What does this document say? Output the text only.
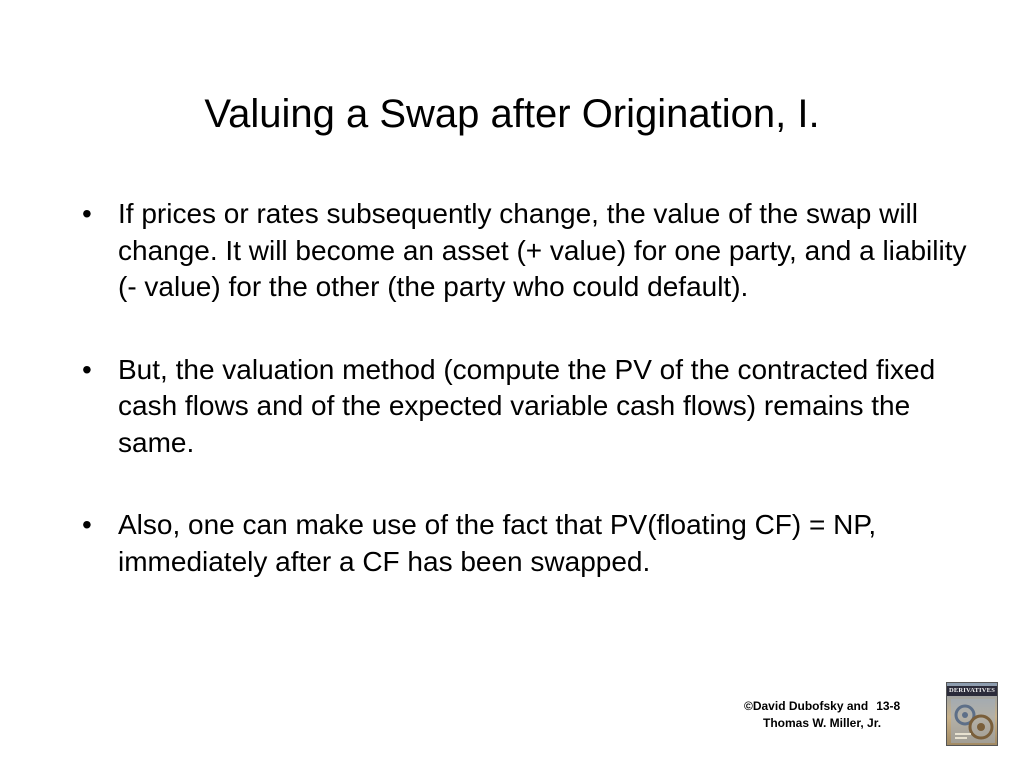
Valuing a Swap after Origination, I.
• If prices or rates subsequently change, the value of the swap will change. It will become an asset (+ value) for one party, and a liability (- value) for the other (the party who could default).
• But, the valuation method (compute the PV of the contracted fixed cash flows and of the expected variable cash flows) remains the same.
• Also, one can make use of the fact that PV(floating CF) = NP, immediately after a CF has been swapped.
©David Dubofsky and 13-8
Thomas W. Miller, Jr.
DERIVATIVES
